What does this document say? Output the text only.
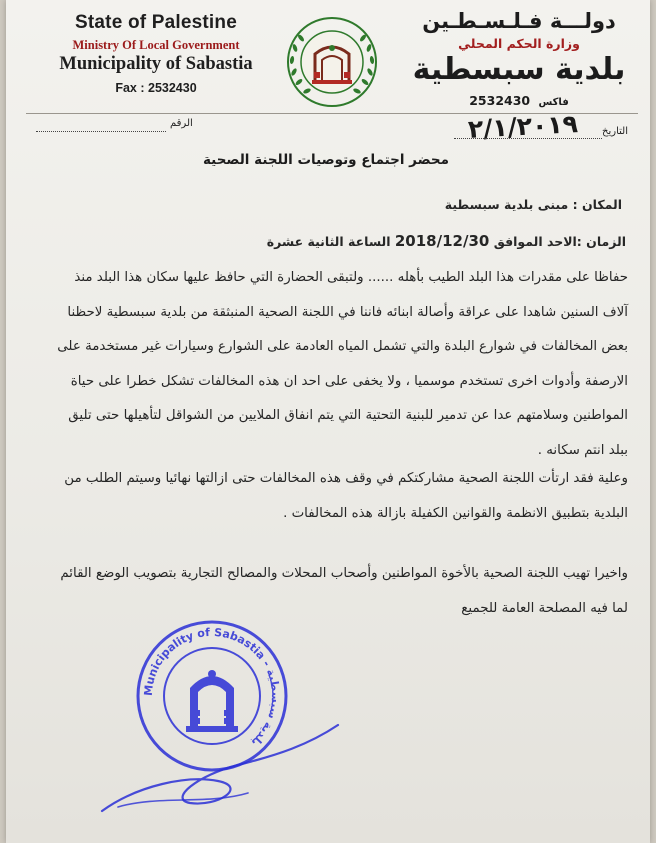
State of Palestine
Ministry Of Local Government
Municipality of Sabastia
Fax : 2532430
دولـــة فـلـسـطـين
وزارة الحكم المحلي
بلدية سبسطية
2532430 فاكس
الرقم	٢/١/٢٠١٩ التاريخ
محضر اجتماع وتوصيات اللجنة الصحية
المكان : مبنى بلدية سبسطية
الزمان :الاحد الموافق 2018/12/30 الساعة الثانية عشرة
حفاظا على مقدرات هذا البلد الطيب بأهله ...... ولتبقى الحضارة التي حافظ عليها سكان هذا البلد منذ
آلاف السنين شاهدا على عراقة وأصالة ابنائه فاننا في اللجنة الصحية المنبثقة من بلدية سبسطية لاحظنا
بعض المخالفات في شوارع البلدة والتي تشمل المياه العادمة على الشوارع وسيارات غير مستخدمة على
الارصفة وأدوات اخرى تستخدم موسميا ، ولا يخفى على احد ان هذه المخالفات تشكل خطرا على حياة
المواطنين وسلامتهم عدا عن تدمير للبنية التحتية التي يتم انفاق الملايين من الشواقل لتأهيلها حتى تليق
ببلد انتم سكانه .
وعلية فقد ارتأت اللجنة الصحية مشاركتكم في وقف هذه المخالفات حتى ازالتها نهائيا وسيتم الطلب من
البلدية بتطبيق الانظمة والقوانين الكفيلة بازالة هذه المخالفات .
واخيرا تهيب اللجنة الصحية بالأخوة المواطنين وأصحاب المحلات والمصالح التجارية بتصويب الوضع القائم
لما فيه المصلحة العامة للجميع
Municipality of Sabastia - بلدية سبسطية
